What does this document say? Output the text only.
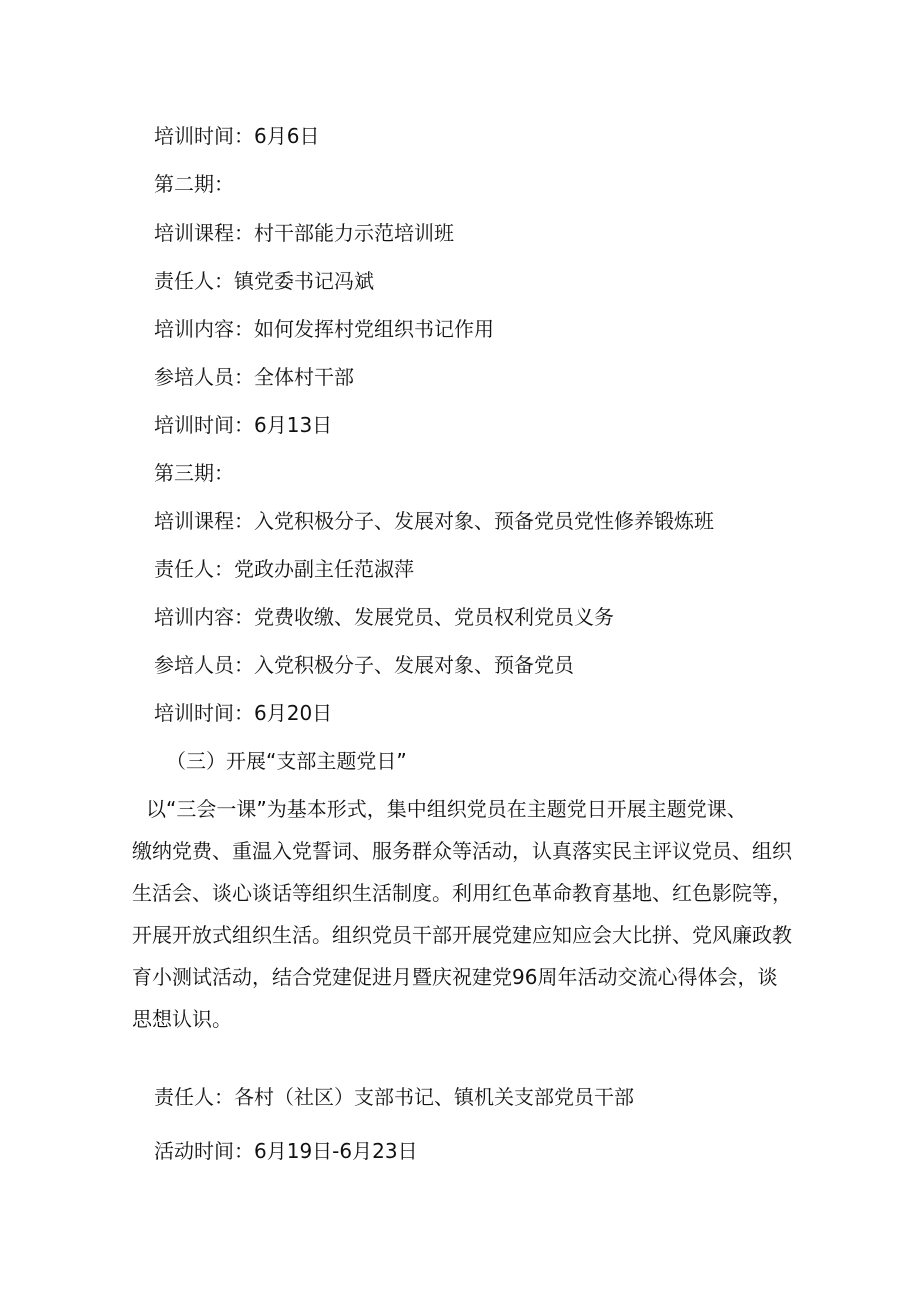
培训时间：6月6日
第二期：
培训课程：村干部能力示范培训班
责任人：镇党委书记冯斌
培训内容：如何发挥村党组织书记作用
参培人员：全体村干部
培训时间：6月13日
第三期：
培训课程：入党积极分子、发展对象、预备党员党性修养锻炼班
责任人：党政办副主任范淑萍
培训内容：党费收缴、发展党员、党员权利党员义务
参培人员：入党积极分子、发展对象、预备党员
培训时间：6月20日
（三）开展“支部主题党日”
以“三会一课”为基本形式，集中组织党员在主题党日开展主题党课、
缴纳党费、重温入党誓词、服务群众等活动，认真落实民主评议党员、组织
生活会、谈心谈话等组织生活制度。利用红色革命教育基地、红色影院等，
开展开放式组织生活。组织党员干部开展党建应知应会大比拼、党风廉政教
育小测试活动，结合党建促进月暨庆祝建党96周年活动交流心得体会，谈
思想认识。
责任人：各村（社区）支部书记、镇机关支部党员干部
活动时间：6月19日-6月23日
